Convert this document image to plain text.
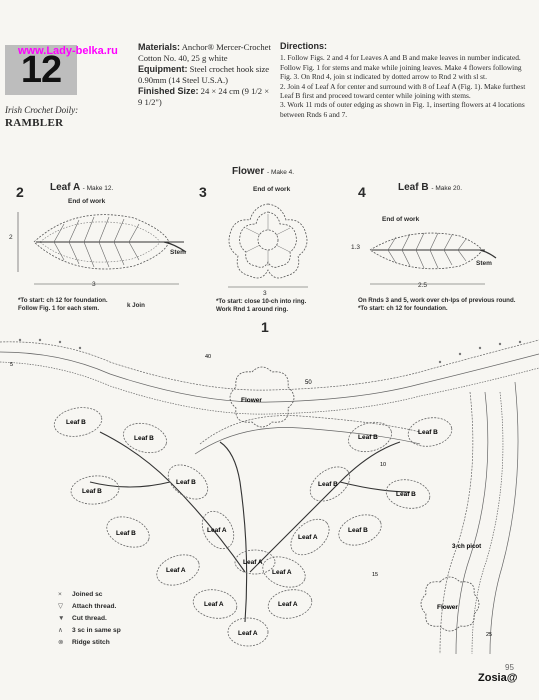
12
www.Lady-belka.ru
Irish Crochet Doily:
RAMBLER
Materials: Anchor® Mercer-Crochet Cotton No. 40, 25 g white
Equipment: Steel crochet hook size 0.90mm (14 Steel U.S.A.)
Finished Size: 24 × 24 cm (9 1/2 × 9 1/2")
Directions:

1. Follow Figs. 2 and 4 for Leaves A and B and make leaves in number indicated. Follow Fig. 1 for stems and make while joining leaves. Make 4 flowers following Fig. 3. On Rnd 4, join st indicated by dotted arrow to Rnd 2 with sl st.

2. Join 4 of Leaf A for center and surround with 8 of Leaf A (Fig. 1). Make furthest Leaf B first and proceed toward center while joining with stems.

3. Work 11 rnds of outer edging as shown in Fig. 1, inserting flowers at 4 locations between Rnds 6 and 7.

2	Leaf A - Make 12.
End of work
Stem
3
2
*To start: ch 12 for foundation.
Follow Fig. 1 for each stem.	k Join
3
Flower - Make 4.
End of work
3
*To start: close 10-ch into ring.
Work Rnd 1 around ring.
4	Leaf B - Make 20.
End of work
Stem
2.5
1.3
On Rnds 3 and 5, work over ch-lps of previous round.
*To start: ch 12 for foundation.
1
Flower
Flower
Leaf B
Leaf B
Leaf B
Leaf B
Leaf B	Leaf B
Leaf B
Leaf B
Leaf B
Leaf B
Leaf A
Leaf A
Leaf A
Leaf A
Leaf A
Leaf A
Leaf A
Leaf A
3-ch picot
50
5
10
15
25
40
×	Joined sc
▽	Attach thread.
▼	Cut thread.
∧	3 sc in same sp
⊗	Ridge stitch
95
Zosia@
